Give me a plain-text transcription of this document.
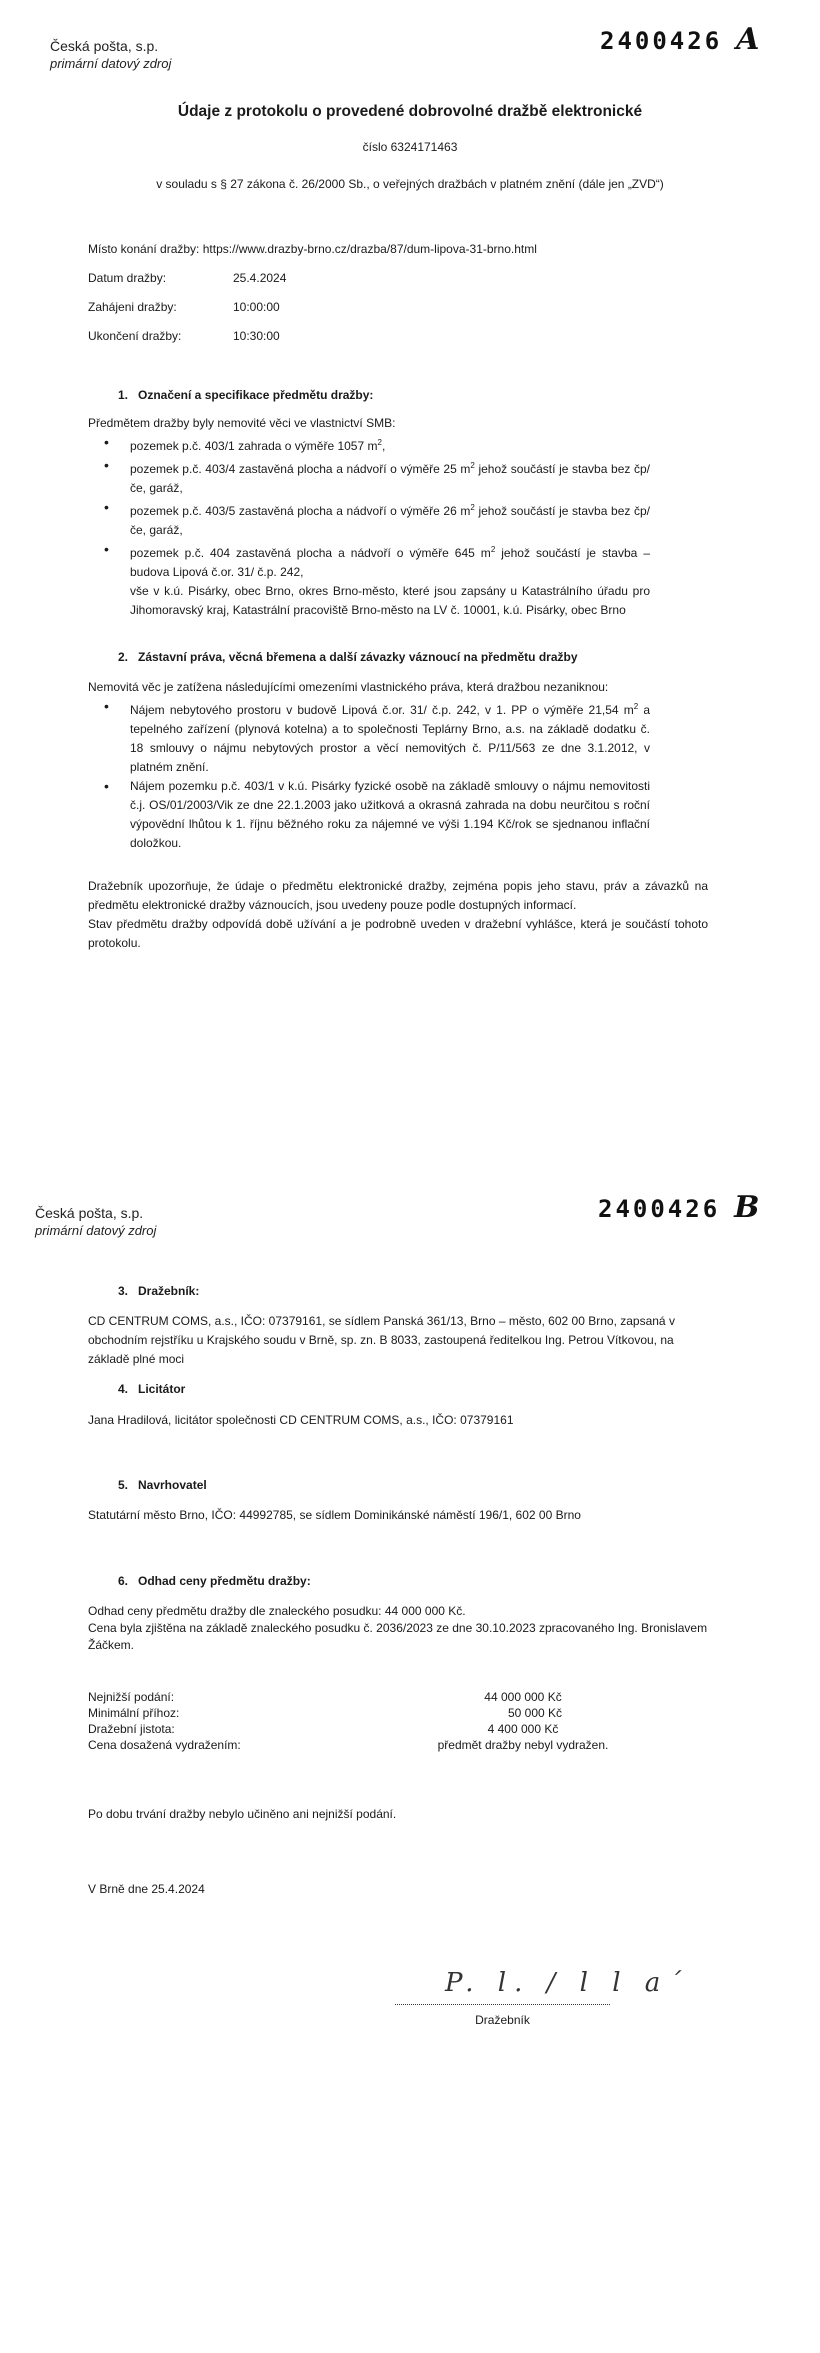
Česká pošta, s.p.
primární datový zdroj
2400426 A
Údaje z protokolu o provedené dobrovolné dražbě elektronické
číslo 6324171463
v souladu s § 27 zákona č. 26/2000 Sb., o veřejných dražbách v platném znění (dále jen „ZVD“)
Místo konání dražby: https://www.drazby-brno.cz/drazba/87/dum-lipova-31-brno.html
Datum dražby:	25.4.2024
Zahájeni dražby:	10:00:00
Ukončení dražby:	10:30:00
1. Označení a specifikace předmětu dražby:
Předmětem dražby byly nemovité věci ve vlastnictví SMB:
• pozemek p.č. 403/1 zahrada o výměře 1057 $m^2$,
• pozemek p.č. 403/4 zastavěná plocha a nádvoří o výměře 25 $m^2$ jehož součástí je stavba bez čp/če, garáž,
• pozemek p.č. 403/5 zastavěná plocha a nádvoří o výměře 26 $m^2$ jehož součástí je stavba bez čp/če, garáž,
• pozemek p.č. 404 zastavěná plocha a nádvoří o výměře 645 $m^2$ jehož součástí je stavba – budova Lipová č.or. 31/ č.p. 242,
vše v k.ú. Pisárky, obec Brno, okres Brno-město, které jsou zapsány u Katastrálního úřadu pro Jihomoravský kraj, Katastrální pracoviště Brno-město na LV č. 10001, k.ú. Pisárky, obec Brno
2. Zástavní práva, věcná břemena a další závazky váznoucí na předmětu dražby
Nemovitá věc je zatížena následujícími omezeními vlastnického práva, která dražbou nezaniknou:
• Nájem nebytového prostoru v budově Lipová č.or. 31/ č.p. 242, v 1. PP o výměře 21,54 $m^2$ a tepelného zařízení (plynová kotelna) a to společnosti Teplárny Brno, a.s. na základě dodatku č. 18 smlouvy o nájmu nebytových prostor a věcí nemovitých č. P/11/563 ze dne 3.1.2012, v platném znění.
• Nájem pozemku p.č. 403/1 v k.ú. Pisárky fyzické osobě na základě smlouvy o nájmu nemovitosti č.j. OS/01/2003/Vik ze dne 22.1.2003 jako užitková a okrasná zahrada na dobu neurčitou s roční výpovědní lhůtou k 1. říjnu běžného roku za nájemné ve výši 1.194 Kč/rok se sjednanou inflační doložkou.
Dražebník upozorňuje, že údaje o předmětu elektronické dražby, zejména popis jeho stavu, práv a závazků na předmětu elektronické dražby váznoucích, jsou uvedeny pouze podle dostupných informací.
Stav předmětu dražby odpovídá době užívání a je podrobně uveden v dražební vyhlášce, která je součástí tohoto protokolu.
Česká pošta, s.p.
primární datový zdroj
2400426 B
3. Dražebník:
CD CENTRUM COMS, a.s., IČO: 07379161, se sídlem Panská 361/13, Brno – město, 602 00 Brno, zapsaná v obchodním rejstříku u Krajského soudu v Brně, sp. zn. B 8033, zastoupená ředitelkou Ing. Petrou Vítkovou, na základě plné moci
4. Licitátor
Jana Hradilová, licitátor společnosti CD CENTRUM COMS, a.s., IČO: 07379161
5. Navrhovatel
Statutární město Brno, IČO: 44992785, se sídlem Dominikánské náměstí 196/1, 602 00 Brno
6. Odhad ceny předmětu dražby:
Odhad ceny předmětu dražby dle znaleckého posudku: 44 000 000 Kč.
Cena byla zjištěna na základě znaleckého posudku č. 2036/2023 ze dne 30.10.2023 zpracovaného Ing. Bronislavem Žáčkem.
Nejnižší podání:	44 000 000 Kč
Minimální příhoz:	50 000 Kč
Dražební jistota:	4 400 000 Kč
Cena dosažená vydražením:	předmět dražby nebyl vydražen.
Po dobu trvání dražby nebylo učiněno ani nejnižší podání.
V Brně dne 25.4.2024
P. l. / l l a´
Dražebník
